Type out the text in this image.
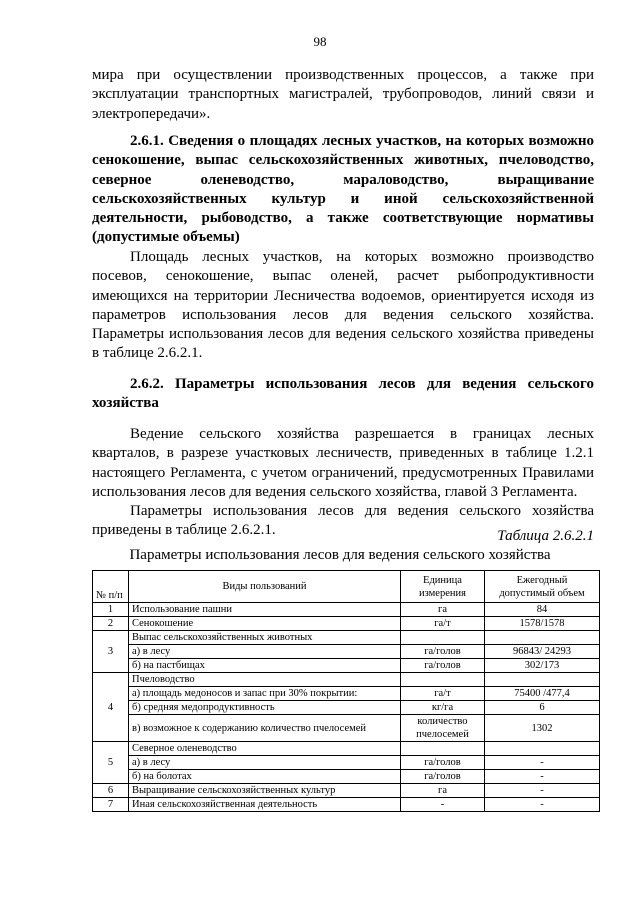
98
мира при осуществлении производственных процессов, а также при
эксплуатации транспортных магистралей, трубопроводов, линий связи и
электропередачи».
2.6.1. Сведения о площадях лесных участков, на которых возможно
сенокошение, выпас сельскохозяйственных животных, пчеловодство,
северное оленеводство, мараловодство, выращивание
сельскохозяйственных культур и иной сельскохозяйственной
деятельности, рыбоводство, а также соответствующие нормативы
(допустимые объемы)
Площадь лесных участков, на которых возможно производство
посевов, сенокошение, выпас оленей, расчет рыбопродуктивности
имеющихся на территории Лесничества водоемов, ориентируется исходя из
параметров использования лесов для ведения сельского хозяйства.
Параметры использования лесов для ведения сельского хозяйства приведены
в таблице 2.6.2.1.
2.6.2. Параметры использования лесов для ведения сельского
хозяйства
Ведение сельского хозяйства разрешается в границах лесных
кварталов, в разрезе участковых лесничеств, приведенных в таблице 1.2.1
настоящего Регламента, с учетом ограничений, предусмотренных Правилами
использования лесов для ведения сельского хозяйства, главой 3 Регламента.
Параметры использования лесов для ведения сельского хозяйства
приведены в таблице 2.6.2.1.	Таблица 2.6.2.1
Параметры использования лесов для ведения сельского хозяйства
№ п/п	Виды пользований	Единица измерения	Ежегодный допустимый объем
1	Использование пашни	га	84
2	Сенокошение	га/т	1578/1578
3	Выпас сельскохозяйственных животных		
	а) в лесу	га/голов	96843/ 24293
	б) на пастбищах	га/голов	302/173
4	Пчеловодство		
	а) площадь медоносов и запас при 30% покрытии:	га/т	75400 /477,4
	б) средняя медопродуктивность	кг/га	6
	в) возможное к содержанию количество пчелосемей	количество пчелосемей	1302
5	Северное оленеводство		
	а) в лесу	га/голов	-
	б) на болотах	га/голов	-
6	Выращивание сельскохозяйственных культур	га	-
7	Иная сельскохозяйственная деятельность	-	-
